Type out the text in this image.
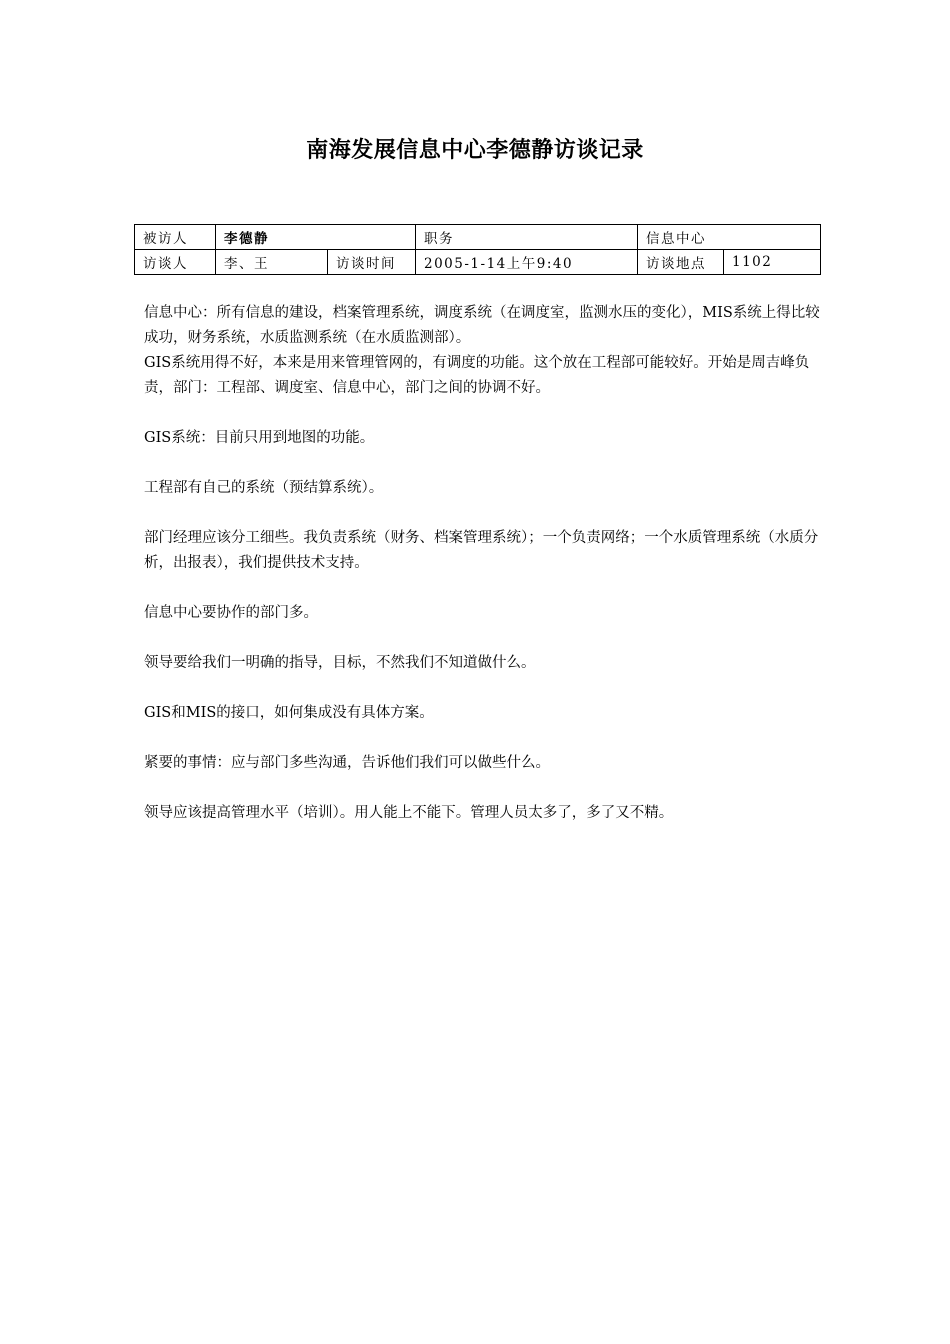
南海发展信息中心李德静访谈记录
被访人	李德静		职务	信息中心	
访谈人	李、王	访谈时间	2005-1-14上午9:40	访谈地点	1102

信息中心：所有信息的建设，档案管理系统，调度系统（在调度室，监测水压的变化），MIS系统上得比较成功，财务系统，水质监测系统（在水质监测部）。

GIS系统用得不好，本来是用来管理管网的，有调度的功能。这个放在工程部可能较好。开始是周吉峰负责，部门：工程部、调度室、信息中心，部门之间的协调不好。

GIS系统：目前只用到地图的功能。

工程部有自己的系统（预结算系统）。

部门经理应该分工细些。我负责系统（财务、档案管理系统）；一个负责网络；一个水质管理系统（水质分析，出报表），我们提供技术支持。

信息中心要协作的部门多。

领导要给我们一明确的指导，目标，不然我们不知道做什么。

GIS和MIS的接口，如何集成没有具体方案。

紧要的事情：应与部门多些沟通，告诉他们我们可以做些什么。

领导应该提高管理水平（培训）。用人能上不能下。管理人员太多了，多了又不精。
